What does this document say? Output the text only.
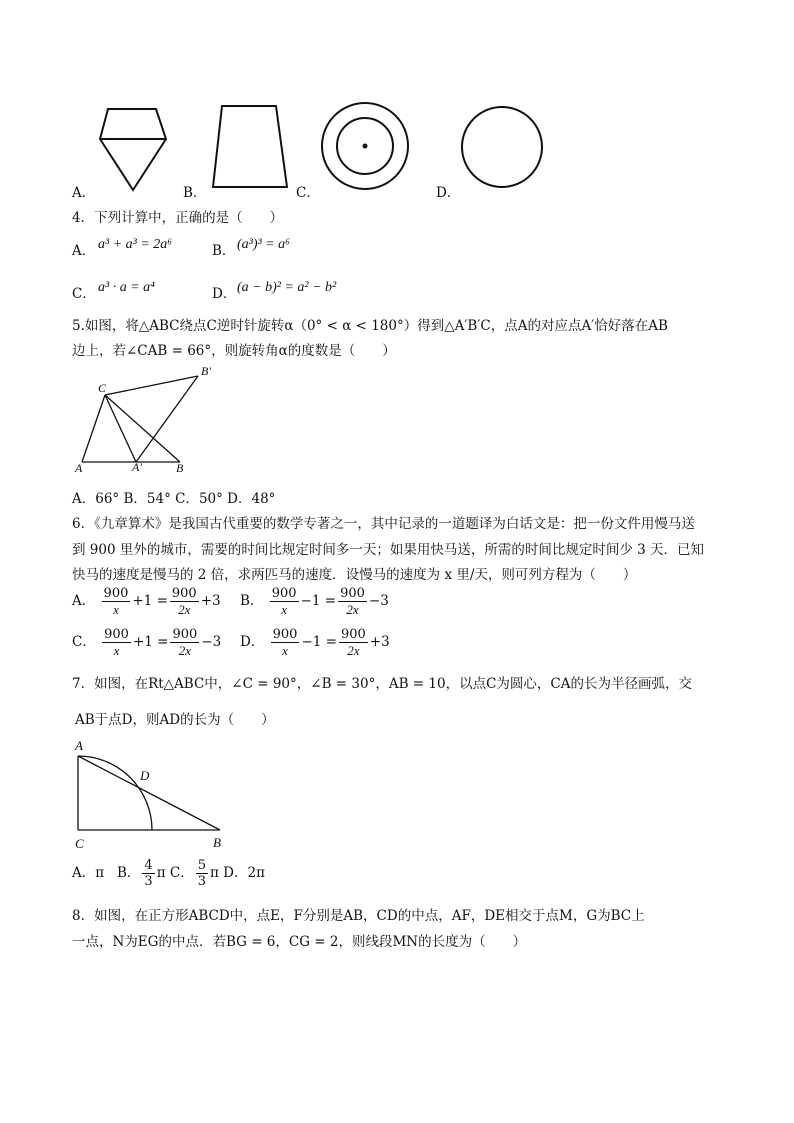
A．	B．	C．	D．
4．下列计算中，正确的是（　　）
A． a³ + a³ = 2a⁶	B． (a³)³ = a⁶
C． a³ · a = a⁴	D． (a − b)² = a² − b²
5.如图，将△ABC绕点C逆时针旋转α（0° < α < 180°）得到△A′B′C，点A的对应点A′恰好落在AB
边上，若∠CAB = 66°，则旋转角α的度数是（　　）
C
B′
A	A′	B
A．66° B．54° C．50° D．48°
6．《九章算术》是我国古代重要的数学专著之一，其中记录的一道题译为白话文是：把一份文件用慢马送
到 900 里外的城市，需要的时间比规定时间多一天；如果用快马送，所需的时间比规定时间少 3 天．已知
快马的速度是慢马的 2 倍，求两匹马的速度．设慢马的速度为 x 里/天，则可列方程为（　　）
A． $\frac{900}{x} +1 = \frac{900}{2x} +3$ B． $\frac{900}{x} -1 = \frac{900}{2x} -3$
C． $\frac{900}{x} +1 = \frac{900}{2x} -3$ D． $\frac{900}{x} -1 = \frac{900}{2x} +3$
7．如图，在Rt△ABC中，∠C = 90°，∠B = 30°，AB = 10，以点C为圆心，CA的长为半径画弧，交
AB于点D，则AD的长为（　　）
A
D
C	B
A．π B． $\frac{4}{3}$ π C． $\frac{5}{3}$ π D．2π
8．如图，在正方形ABCD中，点E，F分别是AB，CD的中点，AF，DE相交于点M，G为BC上
一点，N为EG的中点．若BG = 6，CG = 2，则线段MN的长度为（　　）
